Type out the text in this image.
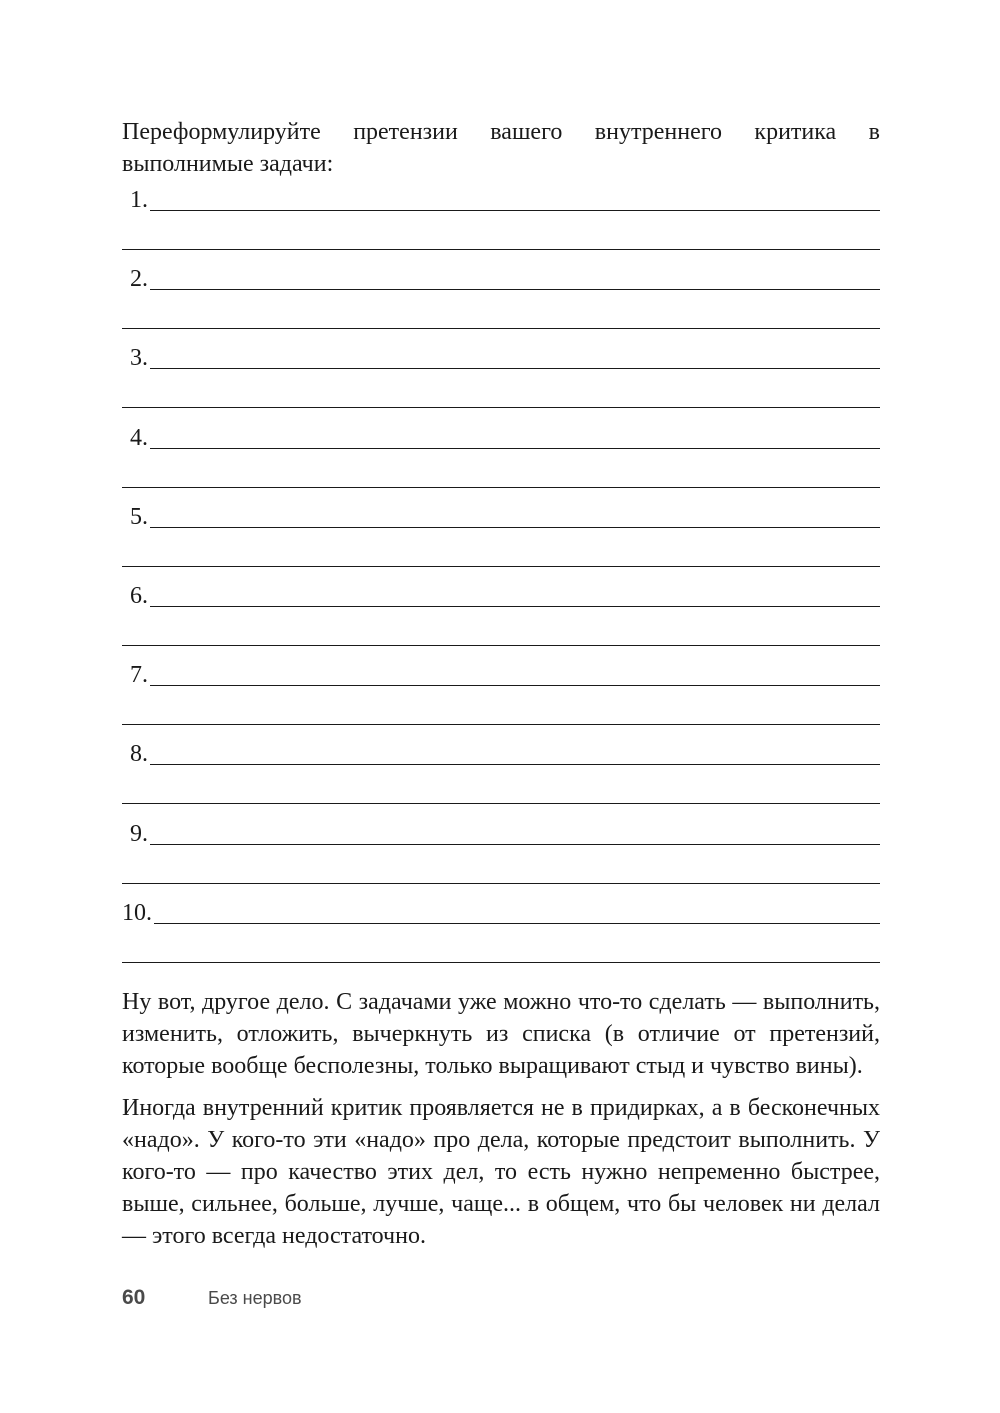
Переформулируйте претензии вашего внутреннего критика в выполнимые задачи:

1.
2.
3.
4.
5.
6.
7.
8.
9.
10.

Ну вот, другое дело. С задачами уже можно что-то сделать — выполнить, изменить, отложить, вычеркнуть из списка (в отличие от претензий, которые вообще бесполезны, только выращивают стыд и чувство вины).

Иногда внутренний критик проявляется не в придирках, а в бесконечных «надо». У кого-то эти «надо» про дела, которые предстоит выполнить. У кого-то — про качество этих дел, то есть нужно непременно быстрее, выше, сильнее, больше, лучше, чаще... в общем, что бы человек ни делал — этого всегда недостаточно.

60	Без нервов
